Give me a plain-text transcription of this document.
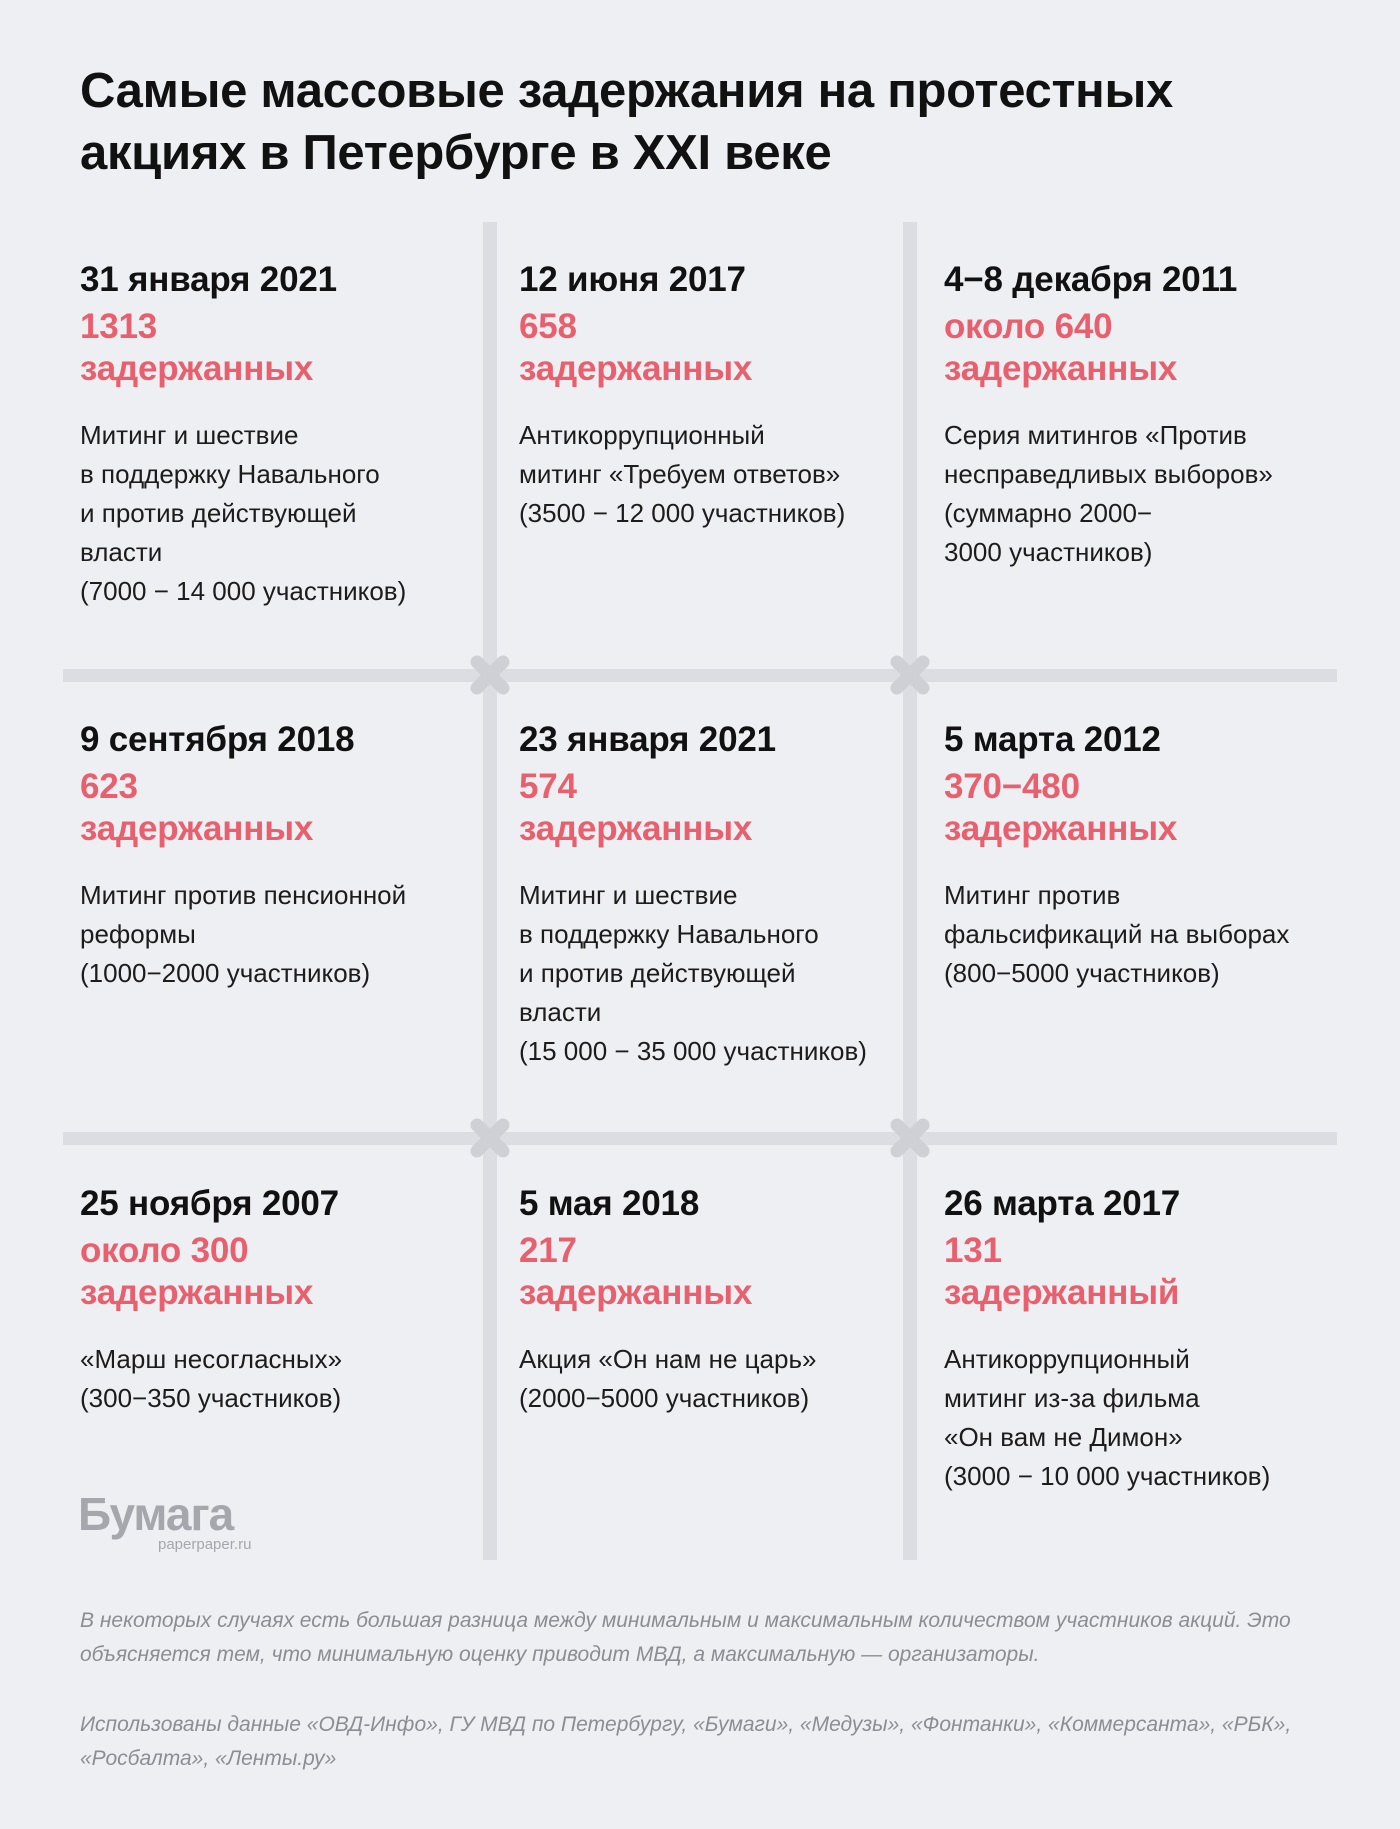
Самые массовые задержания на протестных акциях в Петербурге в XXI веке

31 января 2021

1313
задержанных

Митинг и шествие
в поддержку Навального
и против действующей
власти
(7000 − 14 000 участников)

12 июня 2017

658
задержанных

Антикоррупционный
митинг «Требуем ответов»
(3500 − 12 000 участников)

4−8 декабря 2011

около 640
задержанных

Серия митингов «Против
несправедливых выборов»
(суммарно 2000−
3000 участников)

9 сентября 2018

623
задержанных

Митинг против пенсионной
реформы
(1000−2000 участников)

23 января 2021

574
задержанных

Митинг и шествие
в поддержку Навального
и против действующей
власти
(15 000 − 35 000 участников)

5 марта 2012

370−480
задержанных

Митинг против
фальсификаций на выборах
(800−5000 участников)

25 ноября 2007

около 300
задержанных

«Марш несогласных»
(300−350 участников)

5 мая 2018

217
задержанных

Акция «Он нам не царь»
(2000−5000 участников)

26 марта 2017

131
задержанный

Антикоррупционный
митинг из-за фильма
«Он вам не Димон»
(3000 − 10 000 участников)

Бумага
paperpaper.ru

В некоторых случаях есть большая разница между минимальным и максимальным количеством участников акций. Это объясняется тем, что минимальную оценку приводит МВД, а максимальную — организаторы.

Использованы данные «ОВД-Инфо», ГУ МВД по Петербургу, «Бумаги», «Медузы», «Фонтанки», «Коммерсанта», «РБК», «Росбалта», «Ленты.ру»
